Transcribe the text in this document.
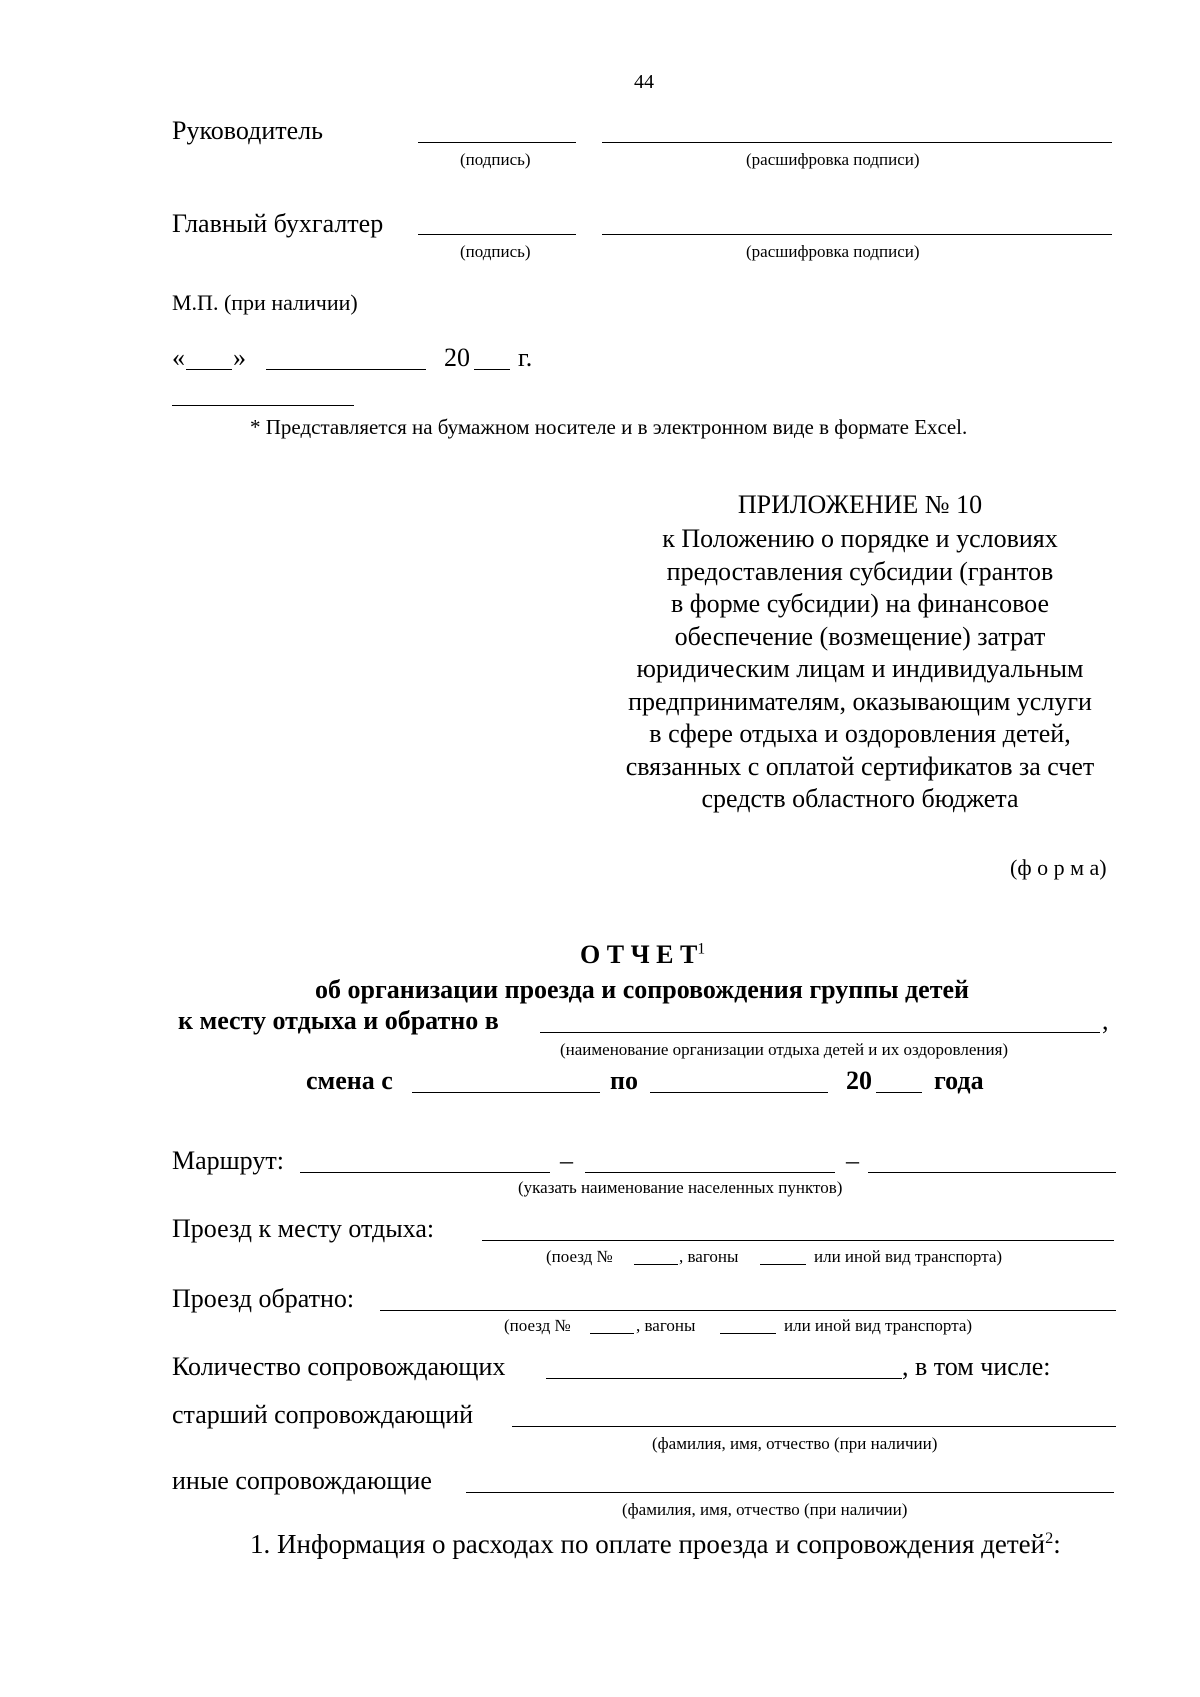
44
Руководитель
(подпись)	(расшифровка подписи)
Главный бухгалтер
(подпись)	(расшифровка подписи)
М.П. (при наличии)
« »	20 г.
* Представляется на бумажном носителе и в электронном виде в формате Excel.
ПРИЛОЖЕНИЕ № 10
к Положению о порядке и условиях
предоставления субсидии (грантов
в форме субсидии) на финансовое
обеспечение (возмещение) затрат
юридическим лицам и индивидуальным
предпринимателям, оказывающим услуги
в сфере отдыха и оздоровления детей,
связанных с оплатой сертификатов за счет
средств областного бюджета
(ф о р м а)
О Т Ч Е $Т^1$
об организации проезда и сопровождения группы детей
к месту отдыха и обратно в	,
(наименование организации отдыха детей и их оздоровления)
смена с	по	20 года
Маршрут:	–	–
(указать наименование населенных пунктов)
Проезд к месту отдыха:
(поезд №	, вагоны	или иной вид транспорта)
Проезд обратно:
(поезд №	, вагоны	или иной вид транспорта)
Количество сопровождающих	, в том числе:
старший сопровождающий
(фамилия, имя, отчество (при наличии)
иные сопровождающие
(фамилия, имя, отчество (при наличии)
1. Информация о расходах по оплате проезда и сопровождения детей$^2$:
